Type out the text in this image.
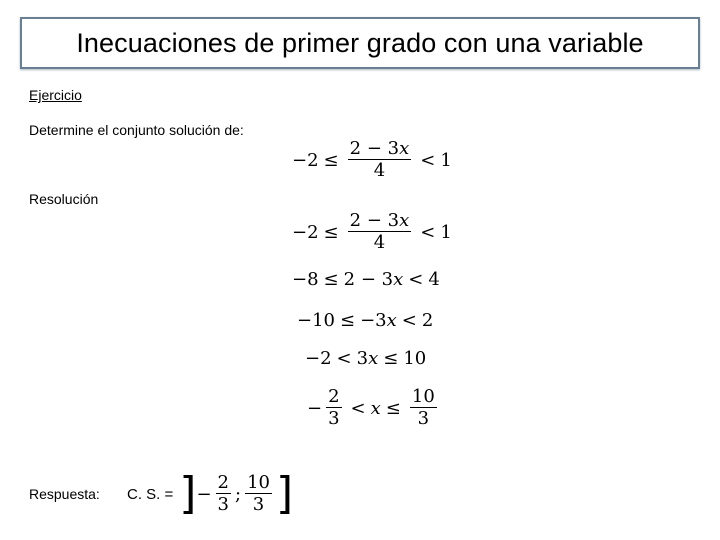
Inecuaciones de primer grado con una variable
Ejercicio
Determine el conjunto solución de:
$-2 \le \frac{2 - 3x}{4} < 1$
Resolución
$-2 \le \frac{2 - 3x}{4} < 1$
−8 ≤ 2 − 3 x < 4
−10 ≤ −3 x < 2
−2 < 3 x ≤ 10
− $\frac{2}{3} < x \le \frac{10}{3}$
Respuesta: C. S. = ] − $\frac{2}{3}$ ; $\frac{10}{3}$ ]
